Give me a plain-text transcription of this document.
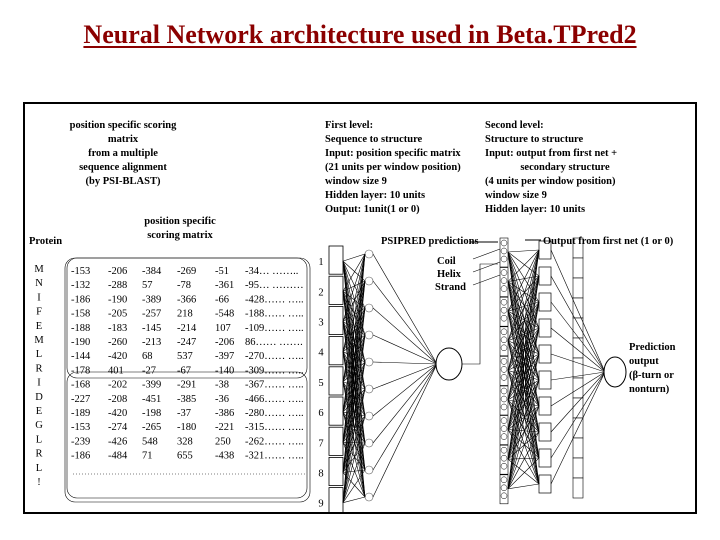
Neural Network architecture used in Beta.TPred2
position specific scoring
matrix
from a multiple
sequence alignment
(by PSI-BLAST)
position specific
scoring matrix
Protein
M
N
I
F
E
M
L
R
I
D
E
G
L
R
L
!
-153 -206 -384 -269 -51 -34… ……..
-132 -288 57 -78 -361 -95… ………
-186 -190 -389 -366 -66 -428…… …..
-158 -205 -257 218 -548 -188…… …..
-188 -183 -145 -214 107 -109…… …..
-190 -260 -213 -247 -206 86…… …….
-144 -420 68 537 -397 -270…… …..
-178 401 -27 -67 -140 -309…… …..
-168 -202 -399 -291 -38 -367…… …..
-227 -208 -451 -385 -36 -466…… …..
-189 -420 -198 -37 -386 -280…… …..
-153 -274 -265 -180 -221 -315…… …..
-239 -426 548 328 250 -262…… …..
-186 -484 71 655 -438 -321…… …..
First level:
Sequence to structure
Input: position specific matrix
(21 units per window position)
window size 9
Hidden layer: 10 units
Output: 1unit(1 or 0)
Second level:
Structure to structure
Input: output from first net +
secondary structure
(4 units per window position)
window size 9
Hidden layer: 10 units
1
2
3
4
5
6
7
8
9
PSIPRED predictions
Coil
Helix
Strand
Output from first net (1 or 0)
Prediction
output
(β-turn or
nonturn)
